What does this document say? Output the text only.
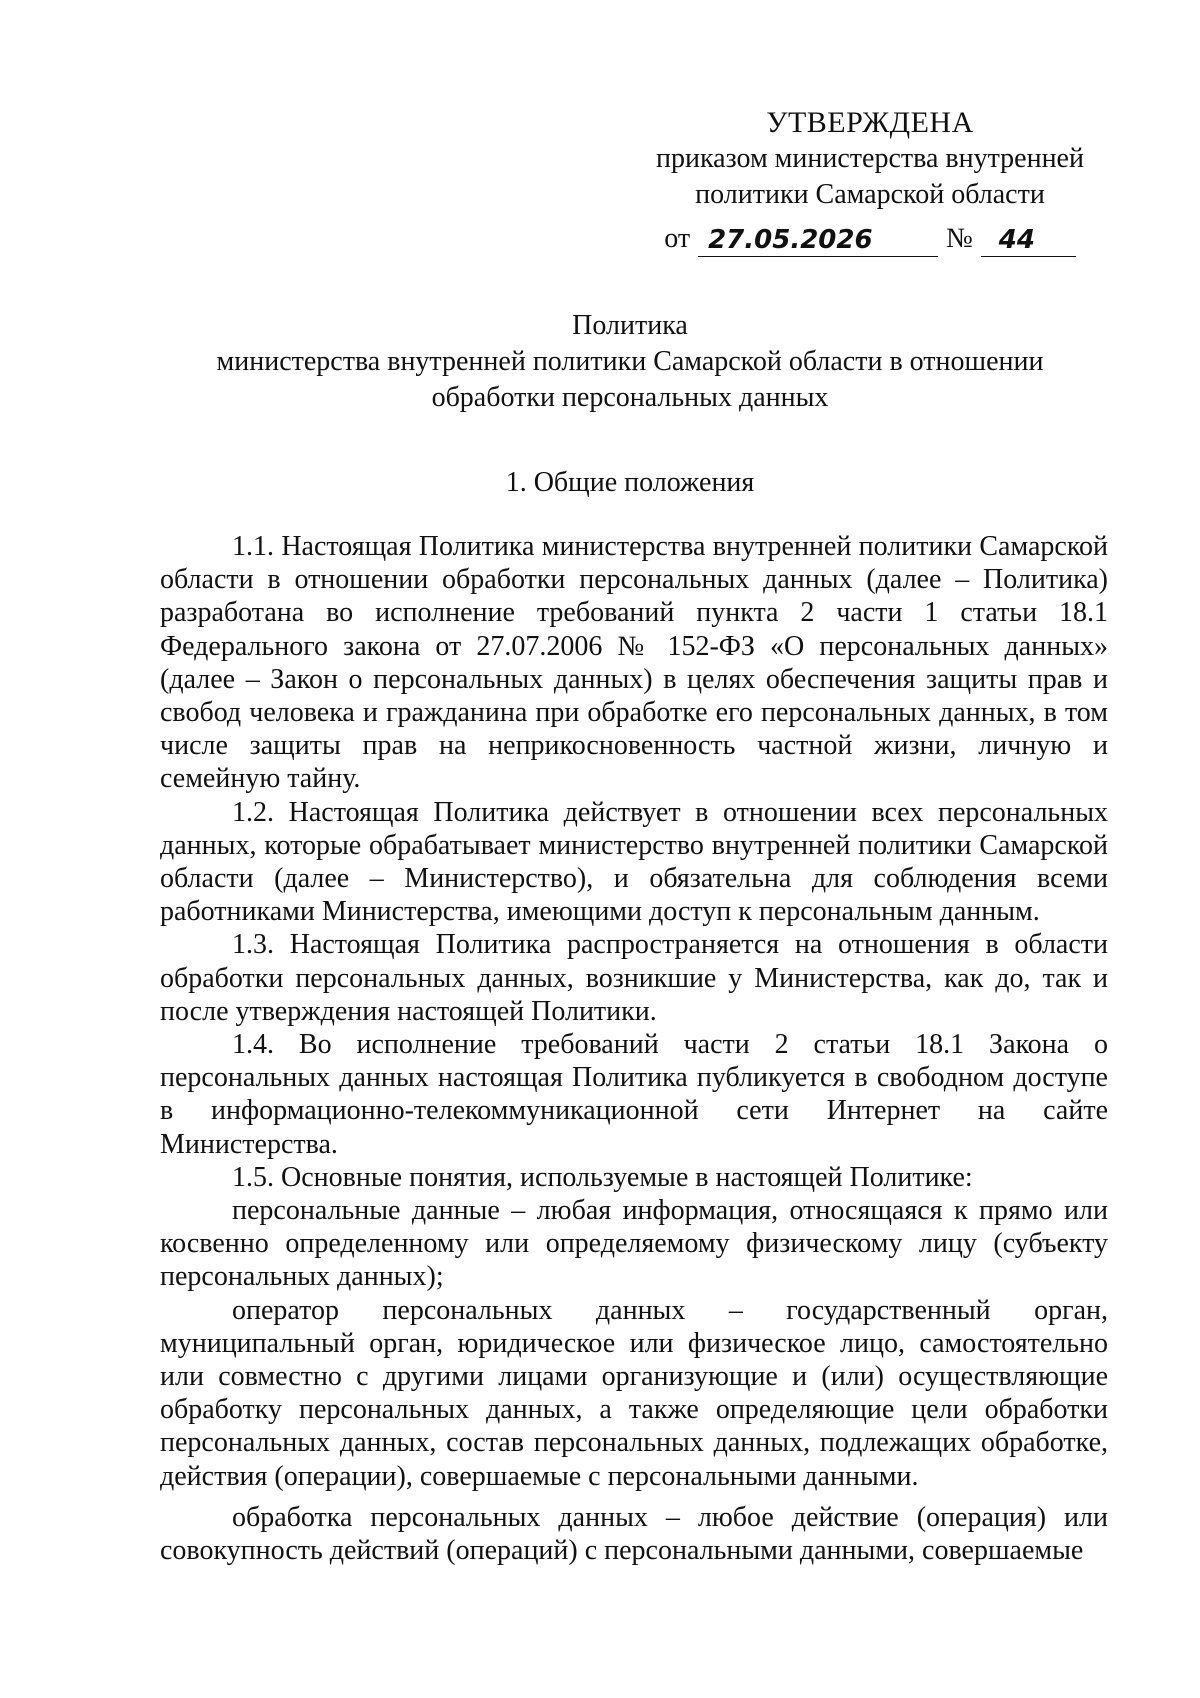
УТВЕРЖДЕНА
приказом министерства внутренней
политики Самарской области
от 27.05.2026	№	44
Политика
министерства внутренней политики Самарской области в отношении
обработки персональных данных
1. Общие положения

1.1. Настоящая Политика министерства внутренней политики Самарской области в отношении обработки персональных данных (далее – Политика) разработана во исполнение требований пункта 2 части 1 статьи 18.1 Федерального закона от 27.07.2006 № 152-ФЗ «О персональных данных» (далее – Закон о персональных данных) в целях обеспечения защиты прав и свобод человека и гражданина при обработке его персональных данных, в том числе защиты прав на неприкосновенность частной жизни, личную и семейную тайну.

1.2. Настоящая Политика действует в отношении всех персональных данных, которые обрабатывает министерство внутренней политики Самарской области (далее – Министерство), и обязательна для соблюдения всеми работниками Министерства, имеющими доступ к персональным данным.

1.3. Настоящая Политика распространяется на отношения в области обработки персональных данных, возникшие у Министерства, как до, так и после утверждения настоящей Политики.

1.4. Во исполнение требований части 2 статьи 18.1 Закона о персональных данных настоящая Политика публикуется в свободном доступе в информационно-телекоммуникационной сети Интернет на сайте Министерства.

1.5. Основные понятия, используемые в настоящей Политике:

персональные данные – любая информация, относящаяся к прямо или косвенно определенному или определяемому физическому лицу (субъекту персональных данных);

оператор персональных данных – государственный орган, муниципальный орган, юридическое или физическое лицо, самостоятельно или совместно с другими лицами организующие и (или) осуществляющие обработку персональных данных, а также определяющие цели обработки персональных данных, состав персональных данных, подлежащих обработке, действия (операции), совершаемые с персональными данными.

обработка персональных данных – любое действие (операция) или совокупность действий (операций) с персональными данными, совершаемые
